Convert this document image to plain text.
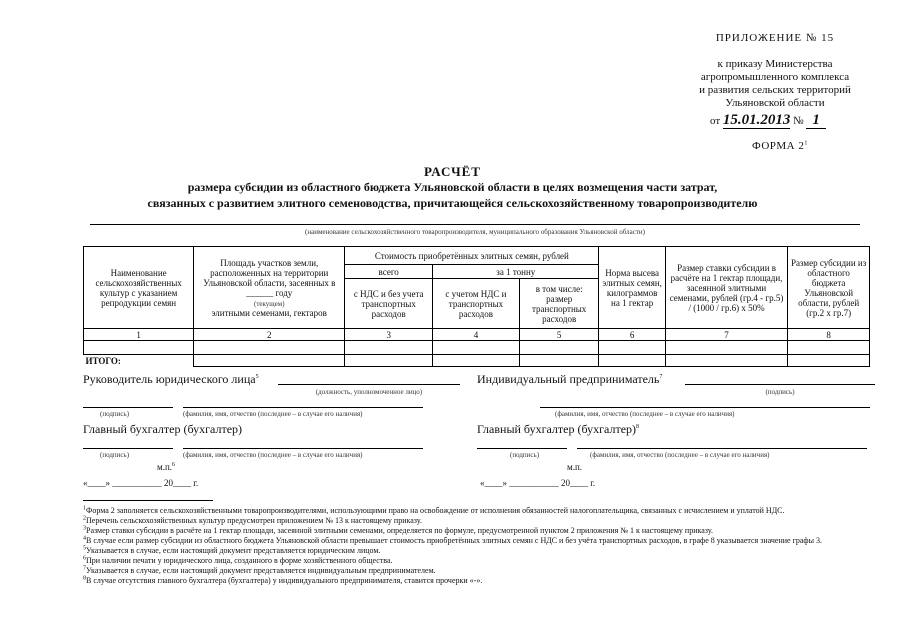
ПРИЛОЖЕНИЕ № 15
к приказу Министерства
агропромышленного комплекса
и развития сельских территорий
Ульяновской области
от 15.01.2013 № 1
ФОРМА $2^1$
РАСЧЁТ
размера субсидии из областного бюджета Ульяновской области в целях возмещения части затрат,
связанных с развитием элитного семеноводства, причитающейся сельскохозяйственному товаропроизводителю
(наименование сельскохозяйственного товаропроизводителя, муниципального образования Ульяновской области)
Наименование сельскохозяйственных культур с указанием репродукции семян	Площадь участков земли, расположенных на территории Ульяновской области, засеянных в ______ году
(текущем)
элитными семенами, гектаров	Стоимость приобретённых элитных семян, рублей			Норма высева элитных семян, килограммов на 1 гектар	Размер ставки субсидии в расчёте на 1 гектар площади, засеянной элитными семенами, рублей (гр.4 - гр.5) / (1000 / гр.6) х 50%	Размер субсидии из областного бюджета Ульяновской области, рублей (гр.2 х гр.7)
		всего	за 1 тонну				
		с НДС и без учета транспортных расходов	с учетом НДС и транспортных расходов	в том числе: размер транспортных расходов			
1	2	3	4	5	6	7	8

ИТОГО:							
Руководитель юридического лица$^5$
(должность, уполномоченное лицо)
(подпись)	(фамилия, имя, отчество (последнее – в случае его наличия)
Главный бухгалтер (бухгалтер)
(подпись)	(фамилия, имя, отчество (последнее – в случае его наличия)
м.п.$^6$
«____» ___________ 20____ г.
Индивидуальный предприниматель$^7$
(подпись)
(фамилия, имя, отчество (последнее – в случае его наличия)
Главный бухгалтер (бухгалтер)$^8$
(подпись)	(фамилия, имя, отчество (последнее – в случае его наличия)
м.п.
«____» ___________ 20____ г.
$^1$Форма 2 заполняется сельскохозяйственными товаропроизводителями, использующими право на освобождение от исполнения обязанностей налогоплательщика, связанных с исчислением и уплатой НДС.
$^2$Перечень сельскохозяйственных культур предусмотрен приложением № 13 к настоящему приказу.
$^3$Размер ставки субсидии в расчёте на 1 гектар площади, засеянной элитными семенами, определяется по формуле, предусмотренной пунктом 2 приложения № 1 к настоящему приказу.
$^4$В случае если размер субсидии из областного бюджета Ульяновской области превышает стоимость приобретённых элитных семян с НДС и без учёта транспортных расходов, в графе 8 указывается значение графы 3.
$^5$Указывается в случае, если настоящий документ представляется юридическим лицом.
$^6$При наличии печати у юридического лица, созданного в форме хозяйственного общества.
$^7$Указывается в случае, если настоящий документ представляется индивидуальным предпринимателем.
$^8$В случае отсутствия главного бухгалтера (бухгалтера) у индивидуального предпринимателя, ставится прочерки «-».
